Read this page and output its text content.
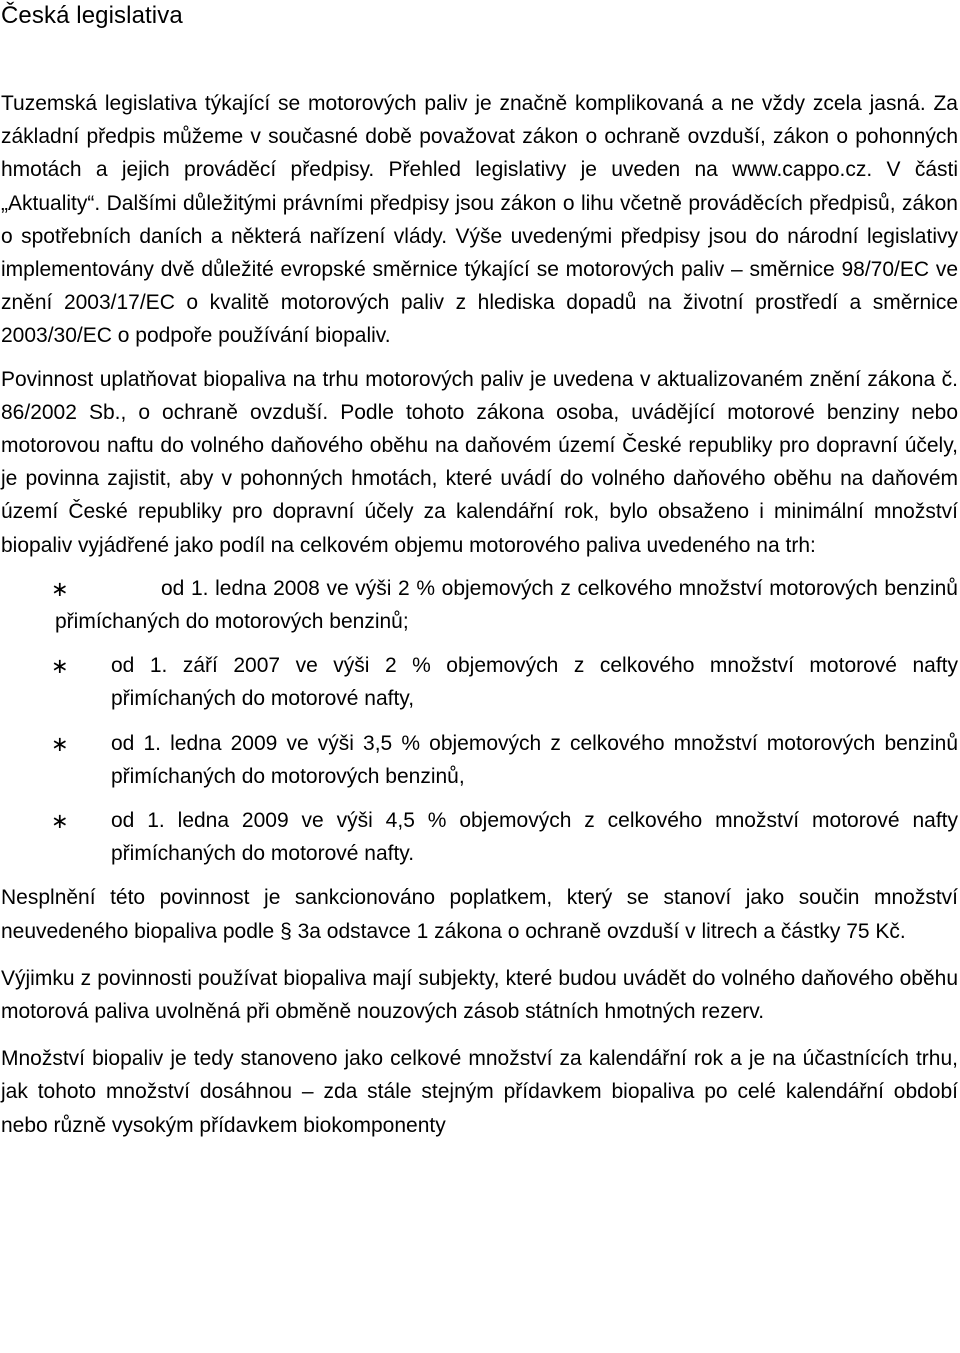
Česká legislativa

Tuzemská legislativa týkající se motorových paliv je značně komplikovaná a ne vždy zcela jasná. Za základní předpis můžeme v současné době považovat zákon o ochraně ovzduší, zákon o pohonných hmotách a jejich prováděcí předpisy. Přehled legislativy je uveden na www.cappo.cz. V části „Aktuality“. Dalšími důležitými právními předpisy jsou zákon o lihu včetně prováděcích předpisů, zákon o spotřebních daních a některá nařízení vlády. Výše uvedenými předpisy jsou do národní legislativy implementovány dvě důležité evropské směrnice týkající se motorových paliv – směrnice 98/70/EC ve znění 2003/17/EC o kvalitě motorových paliv z hlediska dopadů na životní prostředí a směrnice 2003/30/EC o podpoře používání biopaliv.

Povinnost uplatňovat biopaliva na trhu motorových paliv je uvedena v aktualizovaném znění zákona č. 86/2002 Sb., o ochraně ovzduší. Podle tohoto zákona osoba, uvádějící motorové benziny nebo motorovou naftu do volného daňového oběhu na daňovém území České republiky pro dopravní účely, je povinna zajistit, aby v pohonných hmotách, které uvádí do volného daňového oběhu na daňovém území České republiky pro dopravní účely za kalendářní rok, bylo obsaženo i minimální množství biopaliv vyjádřené jako podíl na celkovém objemu motorového paliva uvedeného na trh:

∗	od 1. ledna 2008 ve výši 2 % objemových z celkového množství motorových benzinů přimíchaných do motorových benzinů;
∗	od 1. září 2007 ve výši 2 % objemových z celkového množství motorové nafty přimíchaných do motorové nafty,
∗	od 1. ledna 2009 ve výši 3,5 % objemových z celkového množství motorových benzinů přimíchaných do motorových benzinů,
∗	od 1. ledna 2009 ve výši 4,5 % objemových z celkového množství motorové nafty přimíchaných do motorové nafty.

Nesplnění této povinnost je sankcionováno poplatkem, který se stanoví jako součin množství neuvedeného biopaliva podle § 3a odstavce 1 zákona o ochraně ovzduší v litrech a částky 75 Kč.

Výjimku z povinnosti používat biopaliva mají subjekty, které budou uvádět do volného daňového oběhu motorová paliva uvolněná při obměně nouzových zásob státních hmotných rezerv.

Množství biopaliv je tedy stanoveno jako celkové množství za kalendářní rok a je na účastnících trhu, jak tohoto množství dosáhnou – zda stále stejným přídavkem biopaliva po celé kalendářní období nebo různě vysokým přídavkem biokomponenty
